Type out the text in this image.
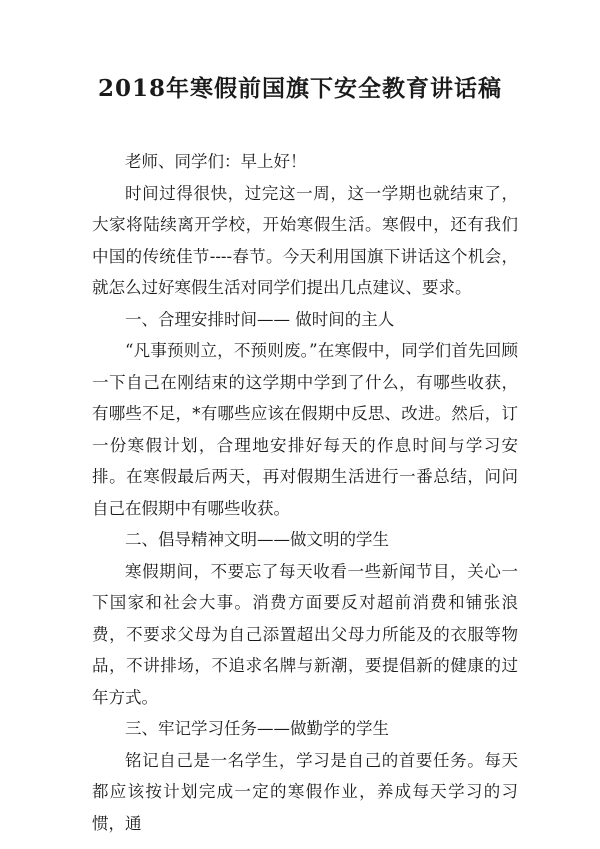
2018年寒假前国旗下安全教育讲话稿

老师、同学们：早上好！

时间过得很快，过完这一周，这一学期也就结束了，大家将陆续离开学校，开始寒假生活。寒假中，还有我们中国的传统佳节----春节。今天利用国旗下讲话这个机会，就怎么过好寒假生活对同学们提出几点建议、要求。

一、合理安排时间—— 做时间的主人

“凡事预则立，不预则废。”在寒假中，同学们首先回顾一下自己在刚结束的这学期中学到了什么，有哪些收获，有哪些不足，*有哪些应该在假期中反思、改进。然后，订一份寒假计划，合理地安排好每天的作息时间与学习安排。在寒假最后两天，再对假期生活进行一番总结，问问自己在假期中有哪些收获。

二、倡导精神文明——做文明的学生

寒假期间，不要忘了每天收看一些新闻节目，关心一下国家和社会大事。消费方面要反对超前消费和铺张浪费，不要求父母为自己添置超出父母力所能及的衣服等物品，不讲排场，不追求名牌与新潮，要提倡新的健康的过年方式。

三、牢记学习任务——做勤学的学生

铭记自己是一名学生，学习是自己的首要任务。每天都应该按计划完成一定的寒假作业，养成每天学习的习惯，通
